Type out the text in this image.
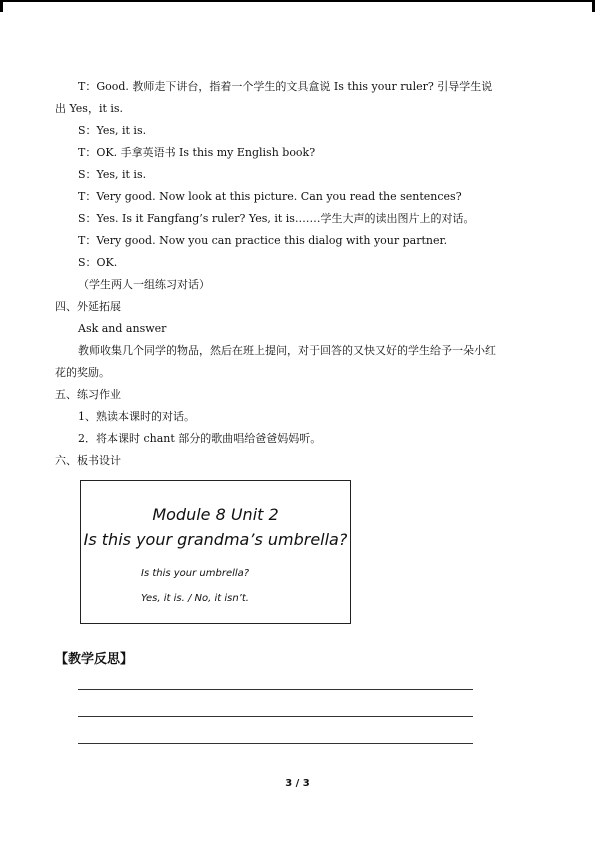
T：Good. 教师走下讲台，指着一个学生的文具盒说 Is this your ruler? 引导学生说
出 Yes，it is.
S：Yes, it is.
T：OK. 手拿英语书 Is this my English book?
S：Yes, it is.
T：Very good. Now look at this picture. Can you read the sentences?
S：Yes. Is it Fangfang’s ruler? Yes, it is.……学生大声的读出图片上的对话。
T：Very good. Now you can practice this dialog with your partner.
S：OK.
（学生两人一组练习对话）
四、外延拓展
Ask and answer
教师收集几个同学的物品，然后在班上提问，对于回答的又快又好的学生给予一朵小红
花的奖励。
五、练习作业
1、熟读本课时的对话。
2．将本课时 chant 部分的歌曲唱给爸爸妈妈听。
六、板书设计
Module 8 Unit 2
Is this your grandma’s umbrella?
Is this your umbrella?
Yes, it is. / No, it isn’t.
【教学反思】
3 / 3
